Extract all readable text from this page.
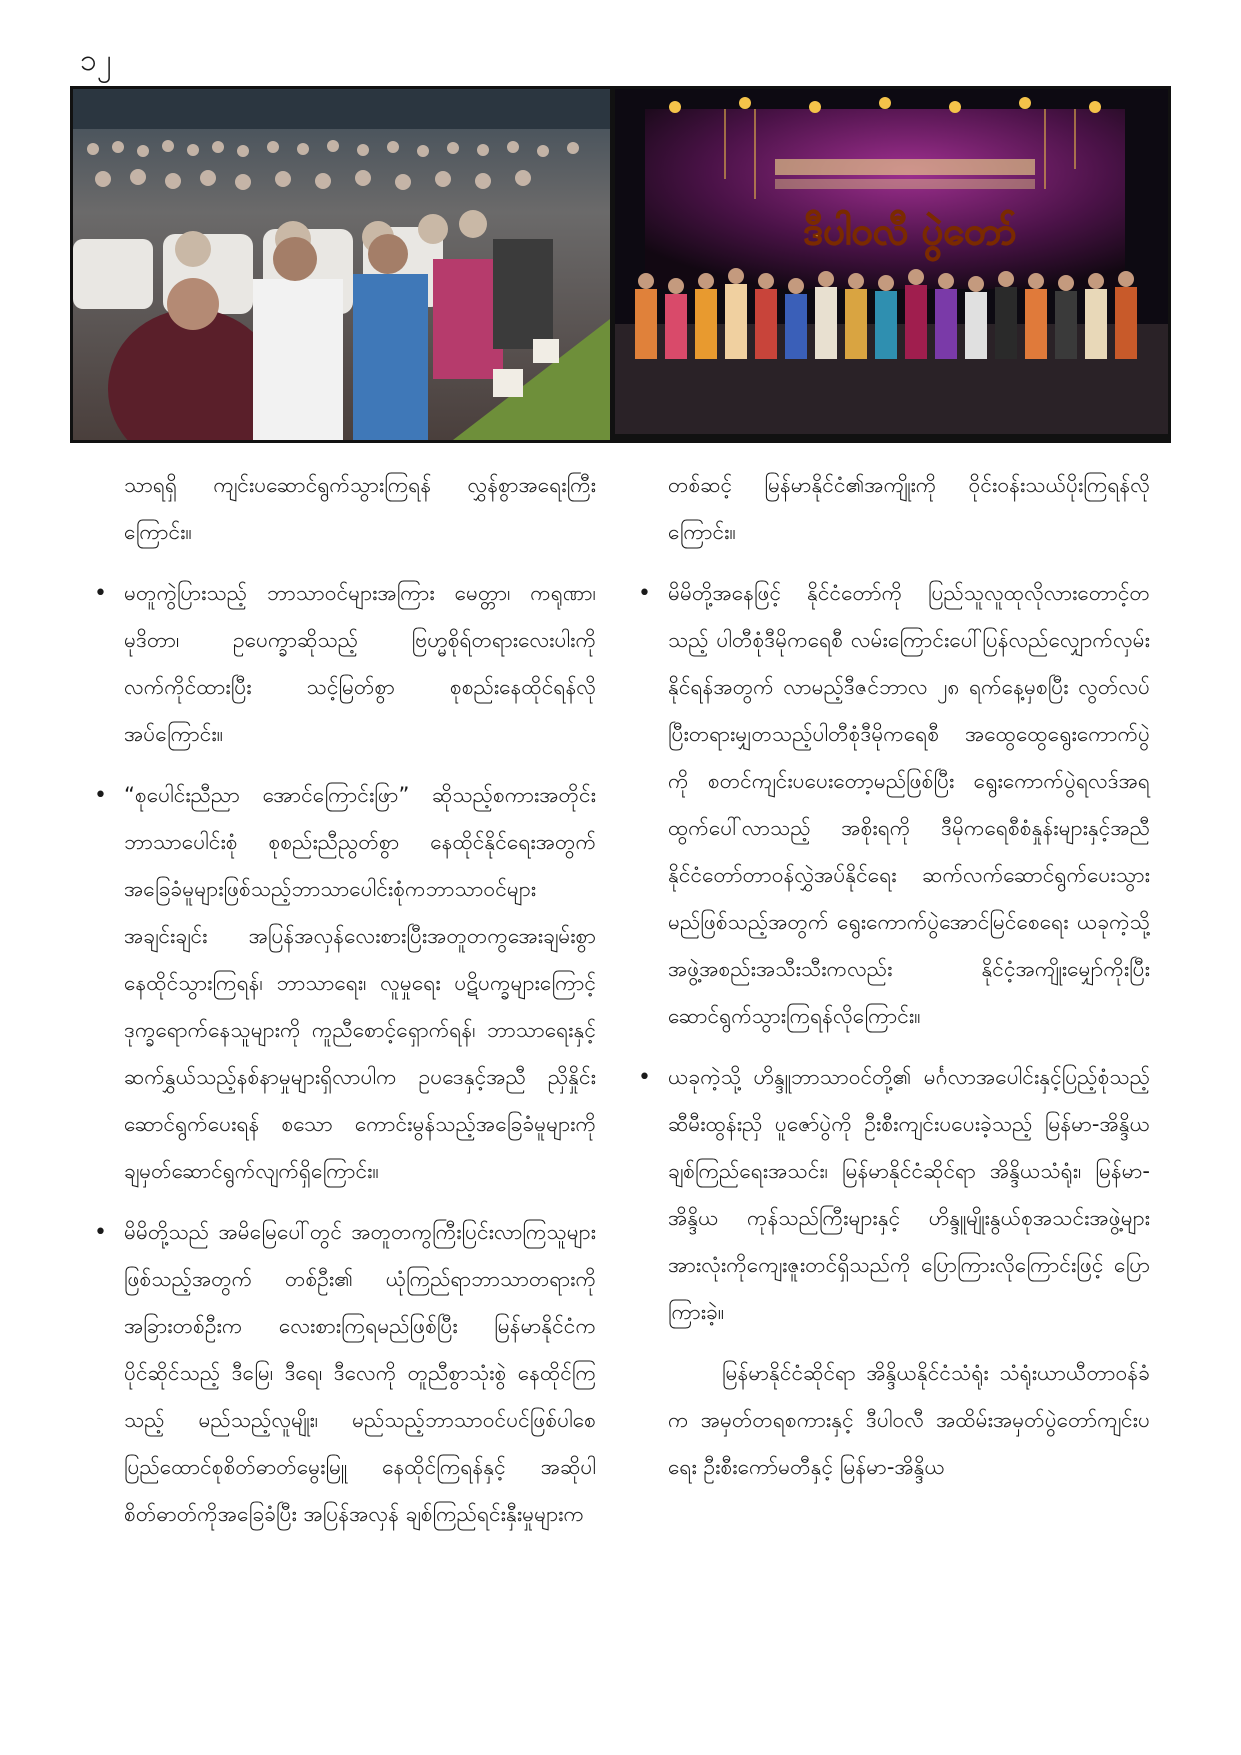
၁၂
ဒီပါဝလီ ပွဲတော်

သာရရှိ ကျင်းပဆောင်ရွက်သွားကြရန် လွှန်စွာအရေးကြီးကြောင်း။

• မတူကွဲပြားသည့် ဘာသာဝင်များအကြား မေတ္တာ၊ ကရုဏာ၊ မုဒိတာ၊ ဥပေက္ခာဆိုသည့် ဗြဟ္မစိုရ်တရားလေးပါးကို လက်ကိုင်ထားပြီး သင့်မြတ်စွာ စုစည်းနေထိုင်ရန်လိုအပ်ကြောင်း။

• “စုပေါင်းညီညာ အောင်ကြောင်းဖြာ” ဆိုသည့်စကားအတိုင်း ဘာသာပေါင်းစုံ စုစည်းညီညွတ်စွာ နေထိုင်နိုင်ရေးအတွက် အခြေခံမူများဖြစ်သည့်ဘာသာပေါင်းစုံကဘာသာဝင်များ အချင်းချင်း အပြန်အလှန်လေးစားပြီးအတူတကွအေးချမ်းစွာ နေထိုင်သွားကြရန်၊ ဘာသာရေး၊ လူမှုရေး ပဋိပက္ခများကြောင့် ဒုက္ခရောက်နေသူများကို ကူညီစောင့်ရှောက်ရန်၊ ဘာသာရေးနှင့် ဆက်နွှယ်သည့်နစ်နာမှုများရှိလာပါက ဥပဒေနှင့်အညီ ညှိနှိုင်းဆောင်ရွက်ပေးရန် စသော ကောင်းမွန်သည့်အခြေခံမူများကို ချမှတ်ဆောင်ရွက်လျက်ရှိကြောင်း။

• မိမိတို့သည် အမိမြေပေါ်တွင် အတူတကွကြီးပြင်းလာကြသူများဖြစ်သည့်အတွက် တစ်ဦး၏ ယုံကြည်ရာဘာသာတရားကို အခြားတစ်ဦးက လေးစားကြရမည်ဖြစ်ပြီး မြန်မာနိုင်ငံက ပိုင်ဆိုင်သည့် ဒီမြေ၊ ဒီရေ၊ ဒီလေကို တူညီစွာသုံးစွဲ နေထိုင်ကြသည့် မည်သည့်လူမျိုး၊ မည်သည့်ဘာသာဝင်ပင်ဖြစ်ပါစေ ပြည်ထောင်စုစိတ်ဓာတ်မွေးမြူ နေထိုင်ကြရန်နှင့် အဆိုပါစိတ်ဓာတ်ကိုအခြေခံပြီး အပြန်အလှန် ချစ်ကြည်ရင်းနှီးမှုများက

တစ်ဆင့် မြန်မာနိုင်ငံ၏အကျိုးကို ဝိုင်းဝန်းသယ်ပိုးကြရန်လိုကြောင်း။

• မိမိတို့အနေဖြင့် နိုင်ငံတော်ကို ပြည်သူလူထုလိုလားတောင့်တသည့် ပါတီစုံဒီမိုကရေစီ လမ်းကြောင်းပေါ်ပြန်လည်လျှောက်လှမ်းနိုင်ရန်အတွက် လာမည့်ဒီဇင်ဘာလ ၂၈ ရက်နေ့မှစပြီး လွတ်လပ်ပြီးတရားမျှတသည့်ပါတီစုံဒီမိုကရေစီ အထွေထွေရွေးကောက်ပွဲကို စတင်ကျင်းပပေးတော့မည်ဖြစ်ပြီး ရွေးကောက်ပွဲရလဒ်အရထွက်ပေါ်လာသည့် အစိုးရကို ဒီမိုကရေစီစံနှုန်းများနှင့်အညီ နိုင်ငံတော်တာဝန်လွှဲအပ်နိုင်ရေး ဆက်လက်ဆောင်ရွက်ပေးသွားမည်ဖြစ်သည့်အတွက် ရွေးကောက်ပွဲအောင်မြင်စေရေး ယခုကဲ့သို့ အဖွဲ့အစည်းအသီးသီးကလည်း နိုင်ငံ့အကျိုးမျှော်ကိုးပြီး ဆောင်ရွက်သွားကြရန်လိုကြောင်း။

• ယခုကဲ့သို့ ဟိန္ဒူဘာသာဝင်တို့၏ မင်္ဂလာအပေါင်းနှင့်ပြည့်စုံသည့် ဆီမီးထွန်းညှိ ပူဇော်ပွဲကို ဦးစီးကျင်းပပေးခဲ့သည့် မြန်မာ-အိန္ဒိယ ချစ်ကြည်ရေးအသင်း၊ မြန်မာနိုင်ငံဆိုင်ရာ အိန္ဒိယသံရုံး၊ မြန်မာ-အိန္ဒိယ ကုန်သည်ကြီးများနှင့် ဟိန္ဒူမျိုးနွယ်စုအသင်းအဖွဲ့များ အားလုံးကိုကျေးဇူးတင်ရှိသည်ကို ပြောကြားလိုကြောင်းဖြင့် ပြောကြားခဲ့။

မြန်မာနိုင်ငံဆိုင်ရာ အိန္ဒိယနိုင်ငံသံရုံး သံရုံးယာယီတာဝန်ခံက အမှတ်တရစကားနှင့် ဒီပါဝလီ အထိမ်းအမှတ်ပွဲတော်ကျင်းပရေး ဦးစီးကော်မတီနှင့် မြန်မာ-အိန္ဒိယ
